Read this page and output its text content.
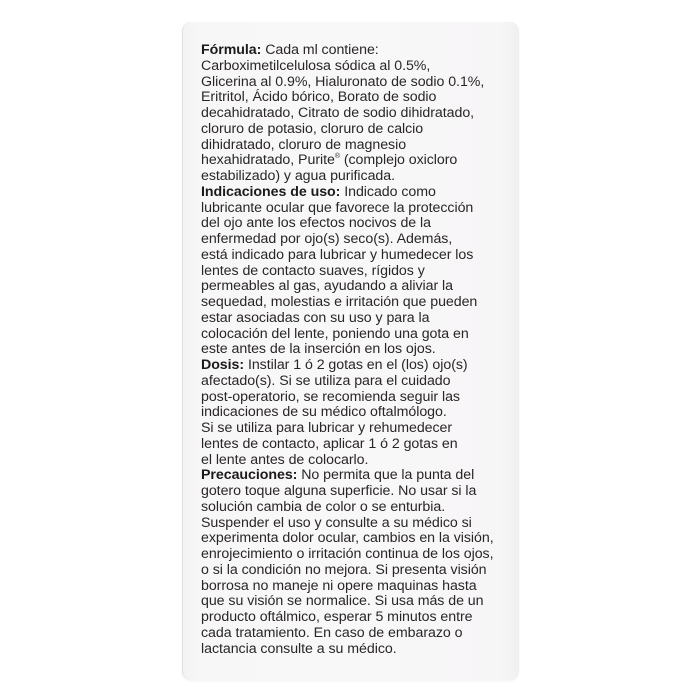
Fórmula: Cada ml contiene:
Carboximetilcelulosa sódica al 0.5%,
Glicerina al 0.9%, Hialuronato de sodio 0.1%,
Eritritol, Ácido bórico, Borato de sodio
decahidratado, Citrato de sodio dihidratado,
cloruro de potasio, cloruro de calcio
dihidratado, cloruro de magnesio
hexahidratado, Purite® (complejo oxicloro
estabilizado) y agua purificada.
Indicaciones de uso: Indicado como
lubricante ocular que favorece la protección
del ojo ante los efectos nocivos de la
enfermedad por ojo(s) seco(s). Además,
está indicado para lubricar y humedecer los
lentes de contacto suaves, rígidos y
permeables al gas, ayudando a aliviar la
sequedad, molestias e irritación que pueden
estar asociadas con su uso y para la
colocación del lente, poniendo una gota en
este antes de la inserción en los ojos.
Dosis: Instilar 1 ó 2 gotas en el (los) ojo(s)
afectado(s). Si se utiliza para el cuidado
post-operatorio, se recomienda seguir las
indicaciones de su médico oftalmólogo.
Si se utiliza para lubricar y rehumedecer
lentes de contacto, aplicar 1 ó 2 gotas en
el lente antes de colocarlo.
Precauciones: No permita que la punta del
gotero toque alguna superficie. No usar si la
solución cambia de color o se enturbia.
Suspender el uso y consulte a su médico si
experimenta dolor ocular, cambios en la visión,
enrojecimiento o irritación continua de los ojos,
o si la condición no mejora. Si presenta visión
borrosa no maneje ni opere maquinas hasta
que su visión se normalice. Si usa más de un
producto oftálmico, esperar 5 minutos entre
cada tratamiento. En caso de embarazo o
lactancia consulte a su médico.
